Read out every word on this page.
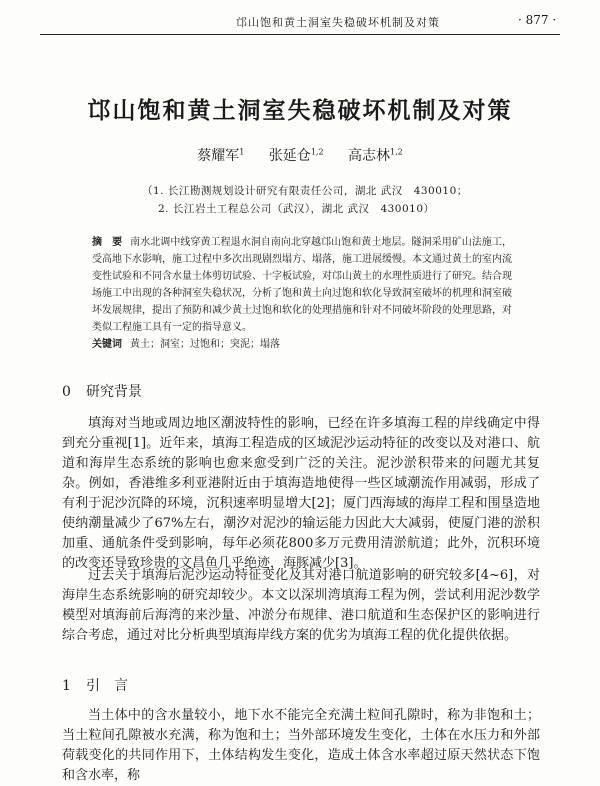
邙山饱和黄土洞室失稳破坏机制及对策	· 877 ·
邙山饱和黄土洞室失稳破坏机制及对策
蔡耀军$^1$ 张延仓$^{1,2}$ 高志林$^{1,2}$
（1. 长江勘测规划设计研究有限责任公司，湖北 武汉　430010；
2. 长江岩土工程总公司（武汉），湖北 武汉　430010）
摘　要 南水北调中线穿黄工程退水洞自南向北穿越邙山饱和黄土地层。隧洞采用矿山法施工，受高地下水影响，施工过程中多次出现剧烈塌方、塌落，施工进展缓慢。本文通过黄土的室内流变性试验和不同含水量土体剪切试验、十字板试验，对邙山黄土的水理性质进行了研究。结合现场施工中出现的各种洞室失稳状况，分析了饱和黄土向过饱和软化导致洞室破坏的机理和洞室破坏发展规律，提出了预防和减少黄土过饱和软化的处理措施和针对不同破坏阶段的处理思路，对类似工程施工具有一定的指导意义。
关键词 黄土；洞室；过饱和；突泥；塌落
0 研究背景
填海对当地或周边地区潮波特性的影响，已经在许多填海工程的岸线确定中得到充分重视[1]。近年来，填海工程造成的区域泥沙运动特征的改变以及对港口、航道和海岸生态系统的影响也愈来愈受到广泛的关注。泥沙淤积带来的问题尤其复杂。例如，香港维多利亚港附近由于填海造地使得一些区域潮流作用减弱，形成了有利于泥沙沉降的环境，沉积速率明显增大[2]；厦门西海域的海岸工程和围垦造地使纳潮量减少了67%左右，潮汐对泥沙的输运能力因此大大减弱，使厦门港的淤积加重、通航条件受到影响，每年必须花800多万元费用清淤航道；此外，沉积环境的改变还导致珍贵的文昌鱼几乎绝迹，海豚减少[3]。
过去关于填海后泥沙运动特征变化及其对港口航道影响的研究较多[4~6]，对海岸生态系统影响的研究却较少。本文以深圳湾填海工程为例，尝试利用泥沙数学模型对填海前后海湾的来沙量、冲淤分布规律、港口航道和生态保护区的影响进行综合考虑，通过对比分析典型填海岸线方案的优劣为填海工程的优化提供依据。
1 引　言
当土体中的含水量较小，地下水不能完全充满土粒间孔隙时，称为非饱和土；当土粒间孔隙被水充满，称为饱和土；当外部环境发生变化，土体在水压力和外部荷载变化的共同作用下，土体结构发生变化，造成土体含水率超过原天然状态下饱和含水率，称
